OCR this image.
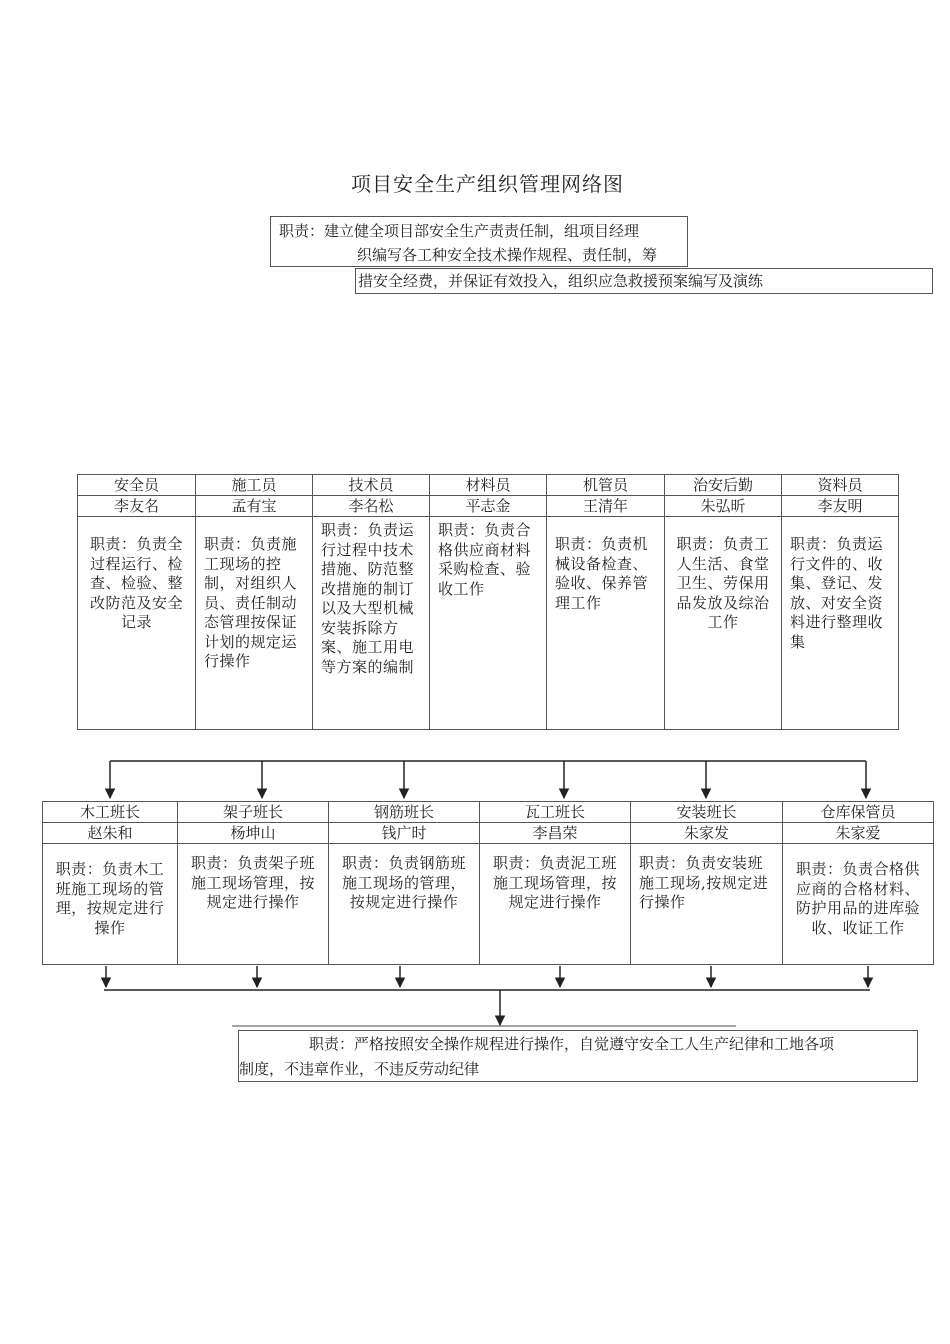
项目安全生产组织管理网络图
职责：建立健全项目部安全生产责责任制，组项目经理
织编写各工种安全技术操作规程、责任制，筹
措安全经费，并保证有效投入，组织应急救援预案编写及演练
安全员	施工员	技术员	材料员	机管员	治安后勤	资料员
李友名	孟有宝	李名松	平志金	王清年	朱弘昕	李友明
职责：负责全过程运行、检查、检验、整改防范及安全记录	职责：负责施工现场的控制，对组织人员、责任制动态管理按保证计划的规定运行操作	职责：负责运行过程中技术措施、防范整改措施的制订以及大型机械安装拆除方案、施工用电等方案的编制	职责：负责合格供应商材料采购检查、验收工作	职责：负责机械设备检查、验收、保养管理工作	职责：负责工人生活、食堂卫生、劳保用品发放及综治工作	职责：负责运行文件的、收集、登记、发放、对安全资料进行整理收集
木工班长	架子班长	钢筋班长	瓦工班长	安装班长	仓库保管员
赵朱和	杨坤山	钱广时	李昌荣	朱家发	朱家爱
职责：负责木工班施工现场的管理，按规定进行操作	职责：负责架子班施工现场管理，按规定进行操作	职责：负责钢筋班施工现场的管理，按规定进行操作	职责：负责泥工班施工现场管理，按规定进行操作	职责：负责安装班施工现场,按规定进行操作	职责：负责合格供应商的合格材料、防护用品的进库验收、收证工作
职责：严格按照安全操作规程进行操作，自觉遵守安全工人生产纪律和工地各项
制度，不违章作业，不违反劳动纪律
